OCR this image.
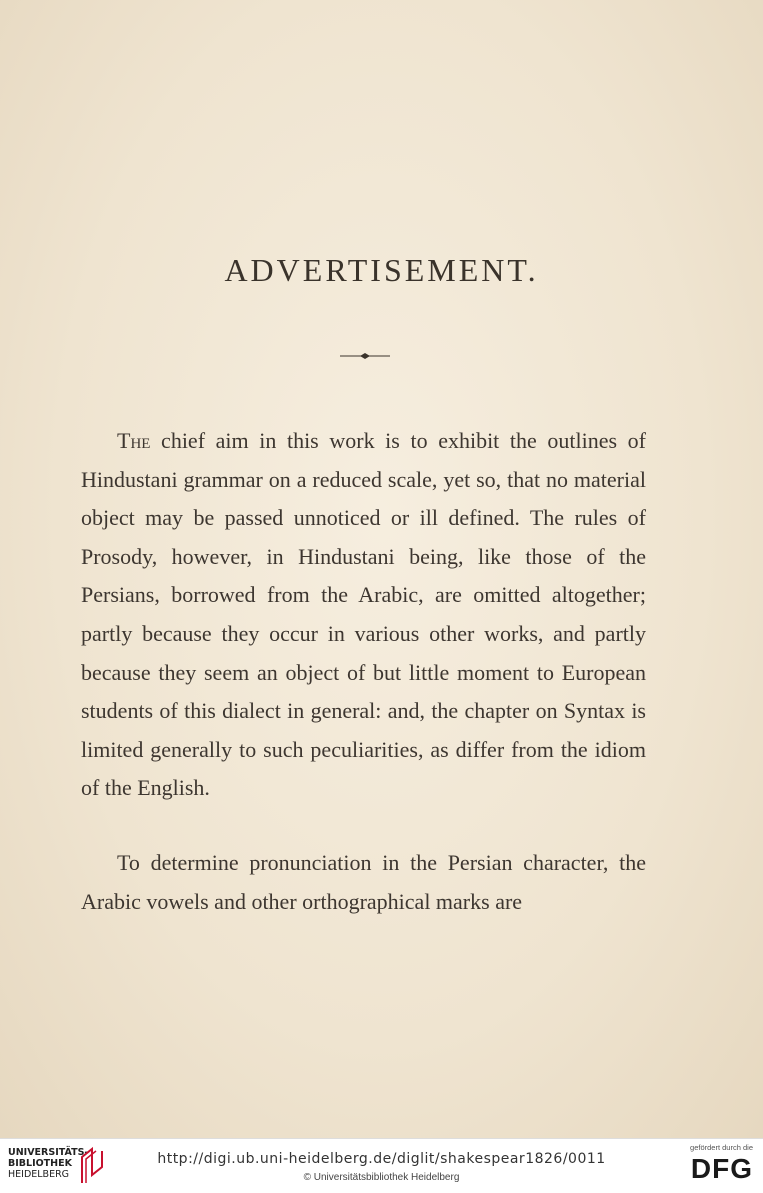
ADVERTISEMENT.

The chief aim in this work is to exhibit the outlines of Hindustani grammar on a reduced scale, yet so, that no material object may be passed unnoticed or ill defined. The rules of Prosody, however, in Hindustani being, like those of the Persians, borrowed from the Arabic, are omitted altogether; partly because they occur in various other works, and partly because they seem an object of but little moment to European students of this dialect in general: and, the chapter on Syntax is limited generally to such peculiarities, as differ from the idiom of the English.

To determine pronunciation in the Persian character, the Arabic vowels and other orthographical marks are

UNIVERSITÄTS-
BIBLIOTHEK
HEIDELBERG
http://digi.ub.uni-heidelberg.de/diglit/shakespear1826/0011
© Universitätsbibliothek Heidelberg
gefördert durch die
DFG
